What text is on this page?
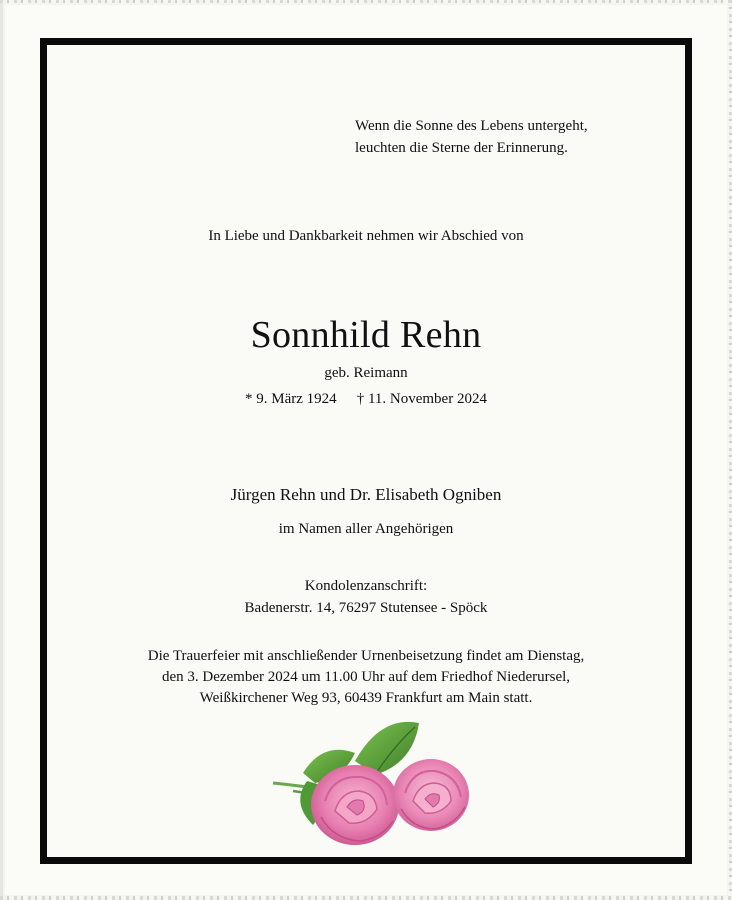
Wenn die Sonne des Lebens untergeht,
leuchten die Sterne der Erinnerung.
In Liebe und Dankbarkeit nehmen wir Abschied von
Sonnhild Rehn
geb. Reimann
* 9. März 1924 † 11. November 2024
Jürgen Rehn und Dr. Elisabeth Ogniben
im Namen aller Angehörigen
Kondolenzanschrift:
Badenerstr. 14, 76297 Stutensee - Spöck
Die Trauerfeier mit anschließender Urnenbeisetzung findet am Dienstag,
den 3. Dezember 2024 um 11.00 Uhr auf dem Friedhof Niederursel,
Weißkirchener Weg 93, 60439 Frankfurt am Main statt.
